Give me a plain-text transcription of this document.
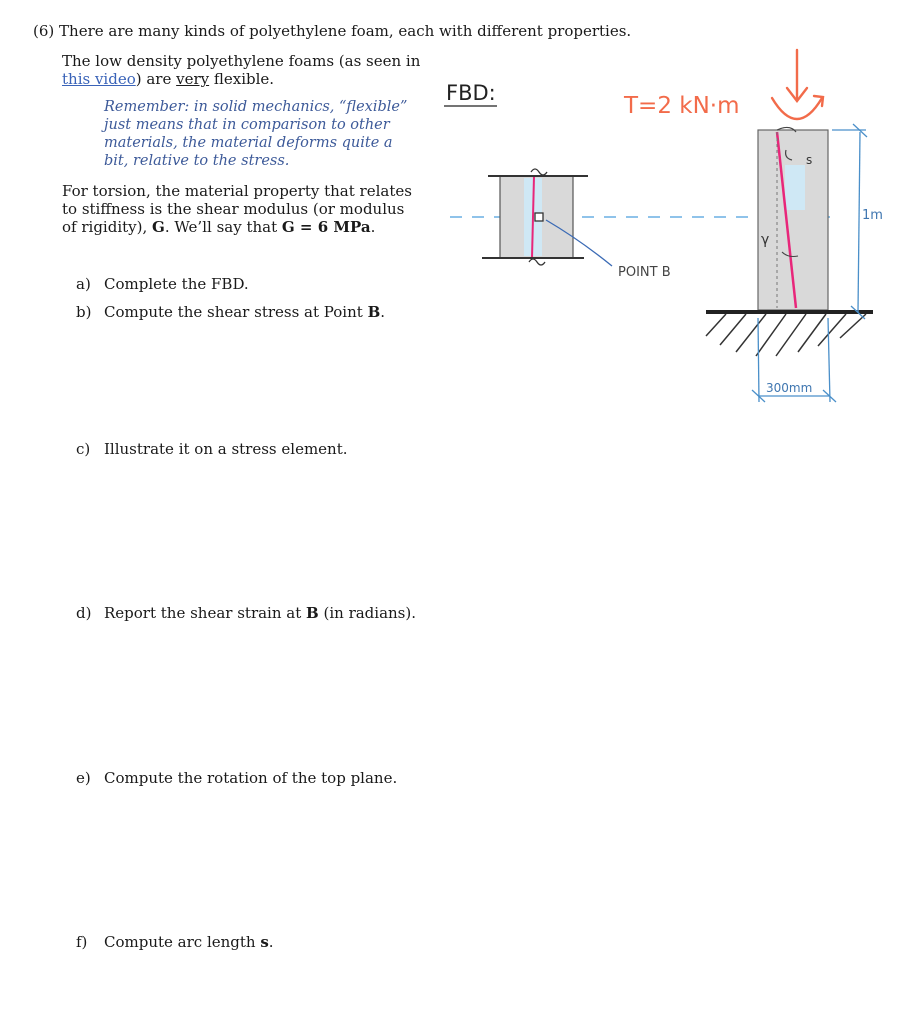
(6) There are many kinds of polyethylene foam, each with different properties.
The low density polyethylene foams (as seen in this video) are very flexible.
Remember: in solid mechanics, “flexible” just means that in comparison to other materials, the material deforms quite a bit, relative to the stress.
For torsion, the material property that relates to stiffness is the shear modulus (or modulus of rigidity), G. We’ll say that G = 6 MPa.
a) Complete the FBD.
b) Compute the shear stress at Point B.
c) Illustrate it on a stress element.
d) Report the shear strain at B (in radians).
e) Compute the rotation of the top plane.
f) Compute arc length s.
FBD:	T=2 kN·m
POINT B
s
γ
1m
300mm
